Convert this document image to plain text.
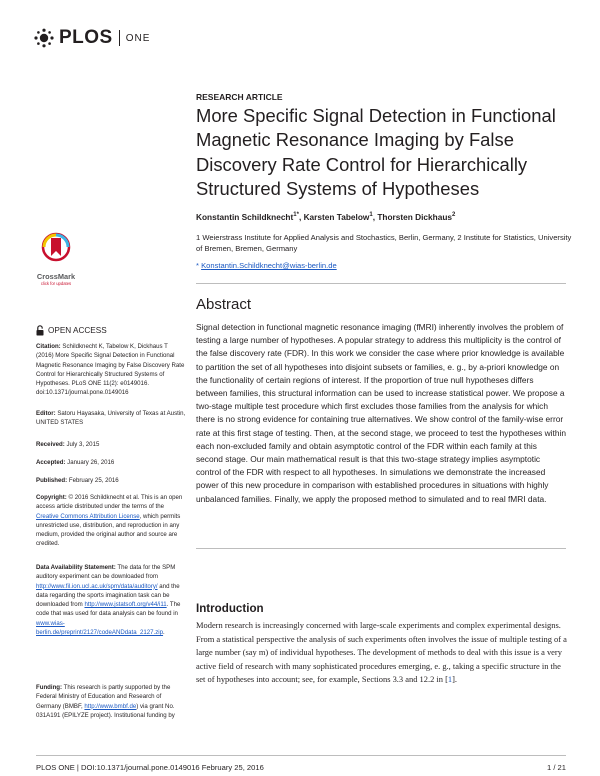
PLOS ONE
RESEARCH ARTICLE
More Specific Signal Detection in Functional Magnetic Resonance Imaging by False Discovery Rate Control for Hierarchically Structured Systems of Hypotheses
Konstantin Schildknecht$^{1*}$, Karsten Tabelow$^1$, Thorsten Dickhaus$^2$
1 Weierstrass Institute for Applied Analysis and Stochastics, Berlin, Germany, 2 Institute for Statistics, University of Bremen, Bremen, Germany
* Konstantin.Schildknecht@wias-berlin.de
CrossMark
click for updates
OPEN ACCESS
Citation: Schildknecht K, Tabelow K, Dickhaus T (2016) More Specific Signal Detection in Functional Magnetic Resonance Imaging by False Discovery Rate Control for Hierarchically Structured Systems of Hypotheses. PLoS ONE 11(2): e0149016. doi:10.1371/journal.pone.0149016
Editor: Satoru Hayasaka, University of Texas at Austin, UNITED STATES
Received: July 3, 2015
Accepted: January 26, 2016
Published: February 25, 2016
Copyright: © 2016 Schildknecht et al. This is an open access article distributed under the terms of the Creative Commons Attribution License, which permits unrestricted use, distribution, and reproduction in any medium, provided the original author and source are credited.
Data Availability Statement: The data for the SPM auditory experiment can be downloaded from http://www.fil.ion.ucl.ac.uk/spm/data/auditory/ and the data regarding the sports imagination task can be downloaded from http://www.jstatsoft.org/v44/i11. The code that was used for data analysis can be found in www.wias-berlin.de/preprint/2127/codeANDdata_2127.zip.
Funding: This research is partly supported by the Federal Ministry of Education and Research of Germany (BMBF, http://www.bmbf.de) via grant No. 031A191 (EPILYZE project). Institutional funding by
Abstract
Signal detection in functional magnetic resonance imaging (fMRI) inherently involves the problem of testing a large number of hypotheses. A popular strategy to address this multiplicity is the control of the false discovery rate (FDR). In this work we consider the case where prior knowledge is available to partition the set of all hypotheses into disjoint subsets or families, e. g., by a-priori knowledge on the functionality of certain regions of interest. If the proportion of true null hypotheses differs between families, this structural information can be used to increase statistical power. We propose a two-stage multiple test procedure which first excludes those families from the analysis for which there is no strong evidence for containing true alternatives. We show control of the family-wise error rate at this first stage of testing. Then, at the second stage, we proceed to test the hypotheses within each non-excluded family and obtain asymptotic control of the FDR within each family at this second stage. Our main mathematical result is that this two-stage strategy implies asymptotic control of the FDR with respect to all hypotheses. In simulations we demonstrate the increased power of this new procedure in comparison with established procedures in situations with highly unbalanced families. Finally, we apply the proposed method to simulated and to real fMRI data.
Introduction
Modern research is increasingly concerned with large-scale experiments and complex experimental designs. From a statistical perspective the analysis of such experiments often involves the issue of multiple testing of a large number (say m) of individual hypotheses. The development of methods to deal with this issue is a very active field of research with many sophisticated procedures emerging, e. g., taking a specific structure in the set of hypotheses into account; see, for example, Sections 3.3 and 12.2 in [1].
PLOS ONE | DOI:10.1371/journal.pone.0149016 February 25, 2016	1 / 21
